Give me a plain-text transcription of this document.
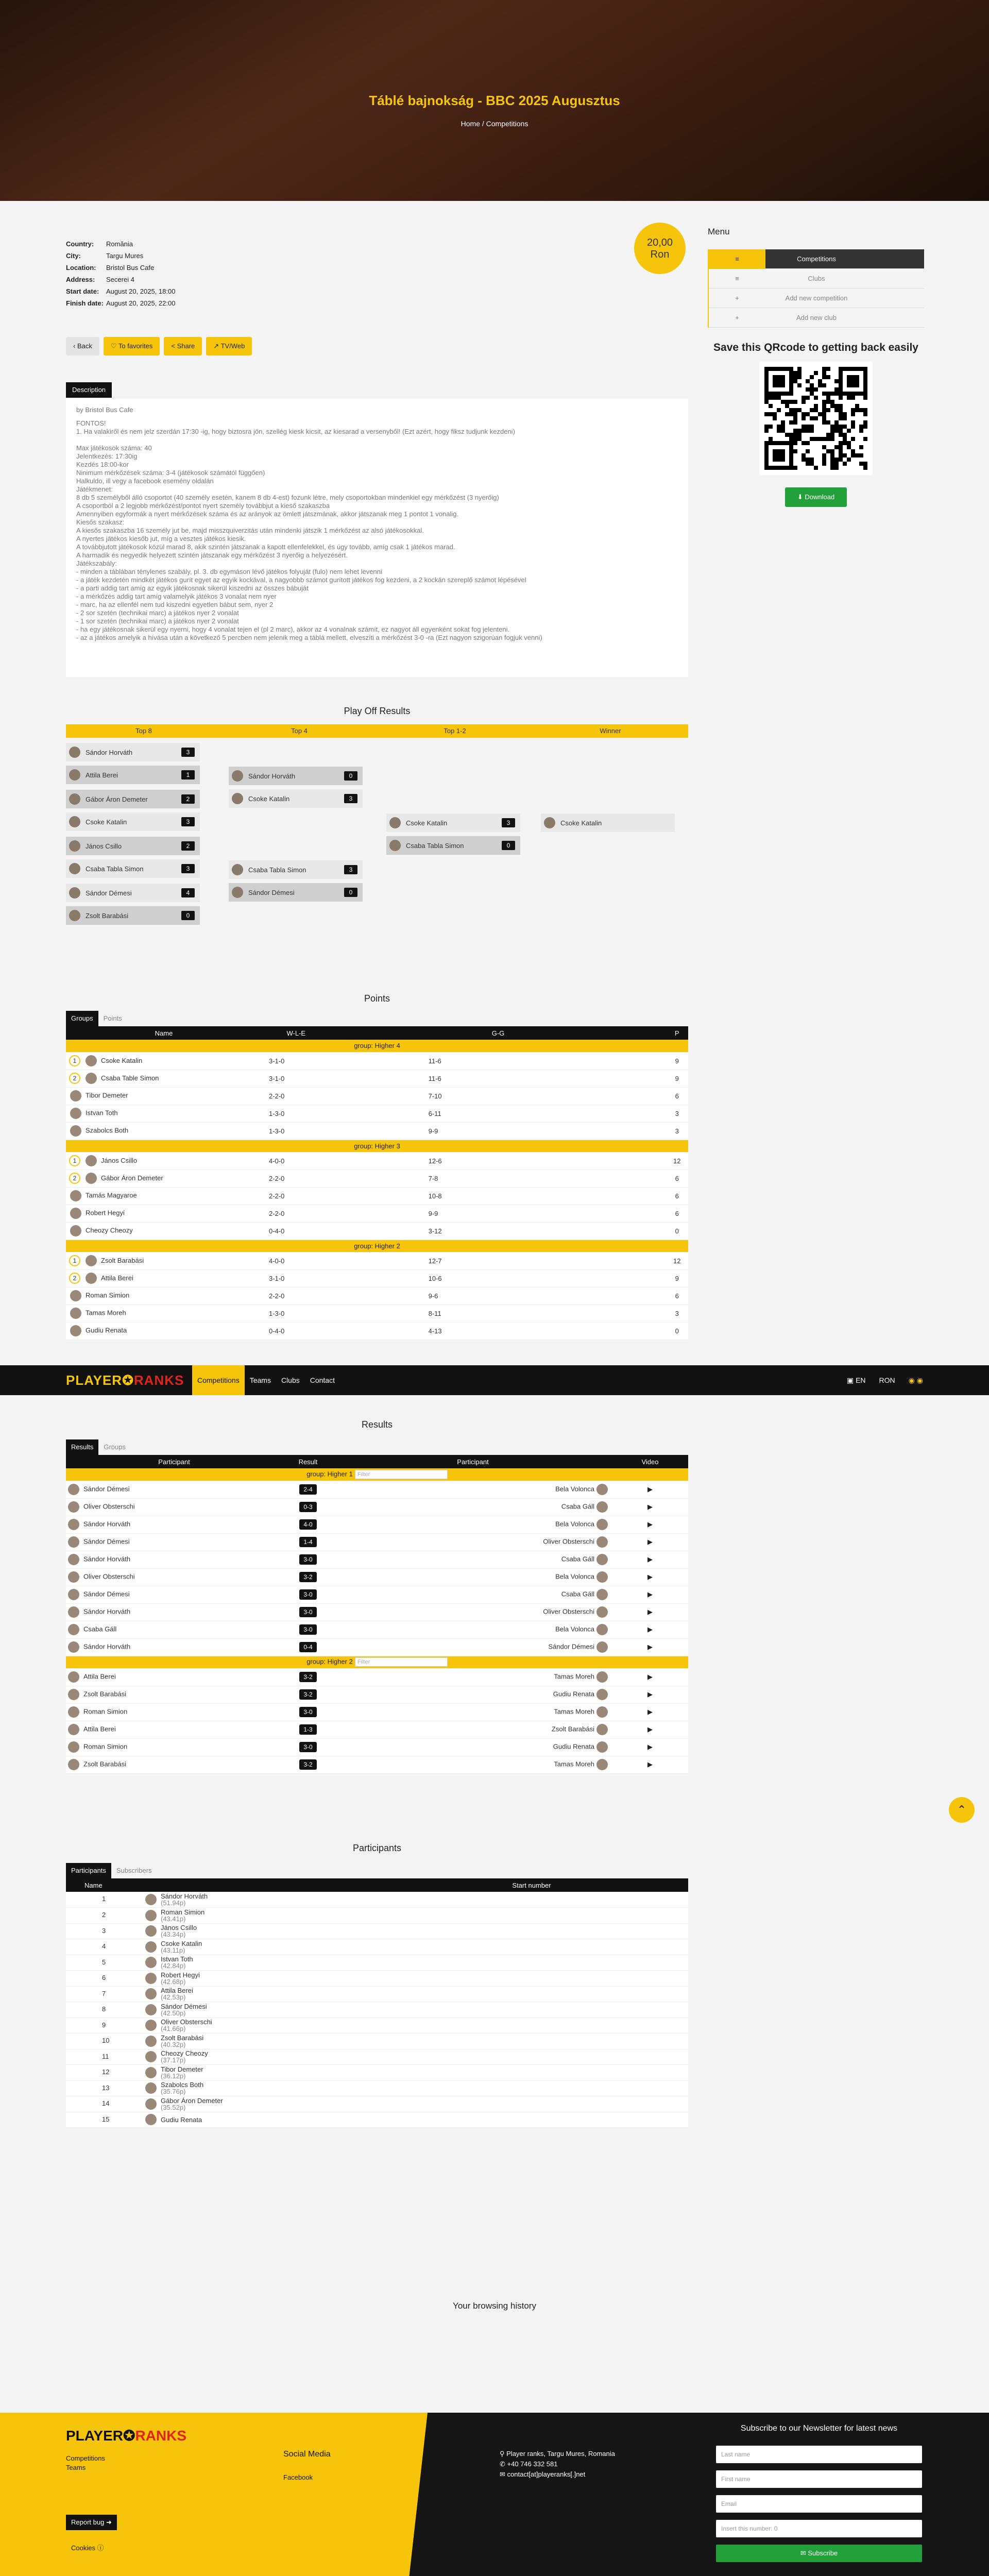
Táblé bajnokság - BBC 2025 Augusztus
Home / Competitions
Country: Romănia
City:	Targu Mures
Location: Bristol Bus Cafe
Address: Secerei 4
Start date: August 20, 2025, 18:00
Finish date: August 20, 2025, 22:00
20,00
Ron
‹ Back	♡ To favorites	< Share	↗ TV/Web
Description
by Bristol Bus Cafe
FONTOS!
1. Ha valakiről és nem jelz szerdán 17:30 -ig, hogy biztosra jön, szellég kiesk kicsit, az kiesarad a versenyből! (Ezt azért, hogy fiksz tudjunk kezdeni)

Max játékosok száma: 40
Jelentkezés: 17:30ig
Kezdés 18:00-kor
Ninimum mérkőzések száma: 3-4 (játékosok számától függően)
Halkuldo, ill vegy a facebook esemény oldalán
Játékmenet:
8 db 5 személyből álló csoportot (40 személy esetén, kanem 8 db 4-est) fozunk létre, mely csoportokban mindenkiel egy mérkőzést (3 nyerőig)
A csoportból a 2 legjobb mérkőzést/pontot nyert személy továbbjut a kieső szakaszba
Amennyiben egyformák a nyert mérkőzések száma és az arányok az ömlett játszmának, akkor játszanak meg 1 pontot 1 vonalig.
Kiesős szakasz:
A kiesős szakaszba 16 személy jut be, majd misszquiverzitás után mindenki játszik 1 mérkőzést az alsó játékosokkal.
A nyertes játékos kiesőb jut, míg a vesztes játékos kiesik.
A továbbjutott játékosok közül marad 8, akik szintén játszanak a kapott ellenfelekkel, és úgy tovább, amíg csak 1 játékos marad.
A harmadik és negyedik helyezett szintén játszanak egy mérkőzést 3 nyerőig a helyezésért.
Játékszabály:
- minden a táblában ténylenes szabály, pl. 3. db egymáson lévő játékos folyuját (fulo) nem lehet levenni
- a játék kezdetén mindkét játékos gurít egyet az egyik kockával, a nagyobbb számot gurított játékos fog kezdeni, a 2 kockán szereplő számot lépésével
- a parti addig tart amíg az egyik játékosnak sikerül kiszedni az összes bábuját
- a mérkőzés addig tart amíg valamelyik játékos 3 vonalat nem nyer
- marc, ha az ellenfél nem tud kiszedni egyetlen bábut sem, nyer 2
- 2 sor szetén (technikai marc) a játékos nyer 2 vonalat
- 1 sor szetén (technikai marc) a játékos nyer 2 vonalat
- ha egy játékosnak sikerül egy nyerni, hogy 4 vonalat tejen el (pl 2 marc), akkor az 4 vonalnak számít, ez nagyot áll egyenként sokat fog jelenteni.
- az a játékos amelyik a hívása után a következő 5 percben nem jelenik meg a táblá mellett, elveszíti a mérkőzést 3-0 -ra (Ezt nagyon szigorúan fogjuk venni)
Play Off Results
Top 8	Top 4	Top 1-2	Winner
Sándor Horváth	3
Attila Berei	1
Gábor Áron Demeter	2
Csoke Katalin	3
János Csillo	2
Csaba Tabla Simon	3
Sándor Démesi	4
Zsolt Barabási	0
Sándor Horváth	0
Csoke Katalin	3
Csaba Tabla Simon	3
Sándor Démesi	0
Csoke Katalin	3
Csaba Tabla Simon	0
Csoke Katalin
Points
Groups	Points
Name	W-L-E	G-G	P
group: Higher 4			
1 Csoke Katalin	3-1-0	11-6	9
2 Csaba Table Simon	3-1-0	11-6	9
Tibor Demeter	2-2-0	7-10	6
Istvan Toth	1-3-0	6-11	3
Szabolcs Both	1-3-0	9-9	3
group: Higher 3			
1 János Csillo	4-0-0	12-6	12
2 Gábor Áron Demeter	2-2-0	7-8	6
Tamás Magyaroe	2-2-0	10-8	6
Robert Hegyi	2-2-0	9-9	6
Cheozy Cheozy	0-4-0	3-12	0
group: Higher 2			
1 Zsolt Barabási	4-0-0	12-7	12
2 Attila Berei	3-1-0	10-6	9
Roman Simion	2-2-0	9-6	6
Tamas Moreh	1-3-0	8-11	3
Gudiu Renata	0-4-0	4-13	0
Menu
≡	Competitions
≡	Clubs
+	Add new competition
+	Add new club
Save this QRcode to getting back easily
⬇ Download
PLAYER✪RANKS	Competitions	Teams	Clubs	Contact	▣ EN RON ◉ ◉
Results
Results	Groups
Participant	Result	Participant	Video
group: Higher 1 Filter			
Sándor Démesi	2-4	Bela Volonca	▶︎
Oliver Obsterschi	0-3	Csaba Gáll	▶︎
Sándor Horváth	4-0	Bela Volonca	▶︎
Sándor Démesi	1-4	Oliver Obsterschi	▶︎
Sándor Horváth	3-0	Csaba Gáll	▶︎
Oliver Obsterschi	3-2	Bela Volonca	▶︎
Sándor Démesi	3-0	Csaba Gáll	▶︎
Sándor Horváth	3-0	Oliver Obsterschi	▶︎
Csaba Gáll	3-0	Bela Volonca	▶︎
Sándor Horváth	0-4	Sándor Démesi	▶︎
group: Higher 2 Filter			
Attila Berei	3-2	Tamas Moreh	▶︎
Zsolt Barabási	3-2	Gudiu Renata	▶︎
Roman Simion	3-0	Tamas Moreh	▶︎
Attila Berei	1-3	Zsolt Barabási	▶︎
Roman Simion	3-0	Gudiu Renata	▶︎
Zsolt Barabási	3-2	Tamas Moreh	▶︎
⌃
Participants
Participants	Subscribers
Name	Start number
1	Sándor Horváth
(51.94p)

2	Roman Simion
(43.41p)

3	János Csillo
(43.34p)

4	Csoke Katalin
(43.11p)

5	Istvan Toth
(42.84p)

6	Robert Hegyi
(42.68p)

7	Attila Berei
(42.53p)

8	Sándor Démesi
(42.50p)

9	Oliver Obsterschi
(41.66p)

10	Zsolt Barabási
(40.32p)

11	Cheozy Cheozy
(37.17p)

12	Tibor Demeter
(36.12p)

13	Szabolcs Both
(35.76p)

14	Gábor Áron Demeter
(35.52p)

15	Gudiu Renata
Your browsing history
PLAYER✪RANKS
Competitions
Teams
Social Media
Facebook
Report bug ➜
Cookies ⓘ
⚲ Player ranks, Targu Mures, Romania
✆ +40 746 332 581
✉ contact[at]playeranks[.]net
Subscribe to our Newsletter for latest news
Last name
First name
Email
Insert this number: 0
✉ Subscribe
